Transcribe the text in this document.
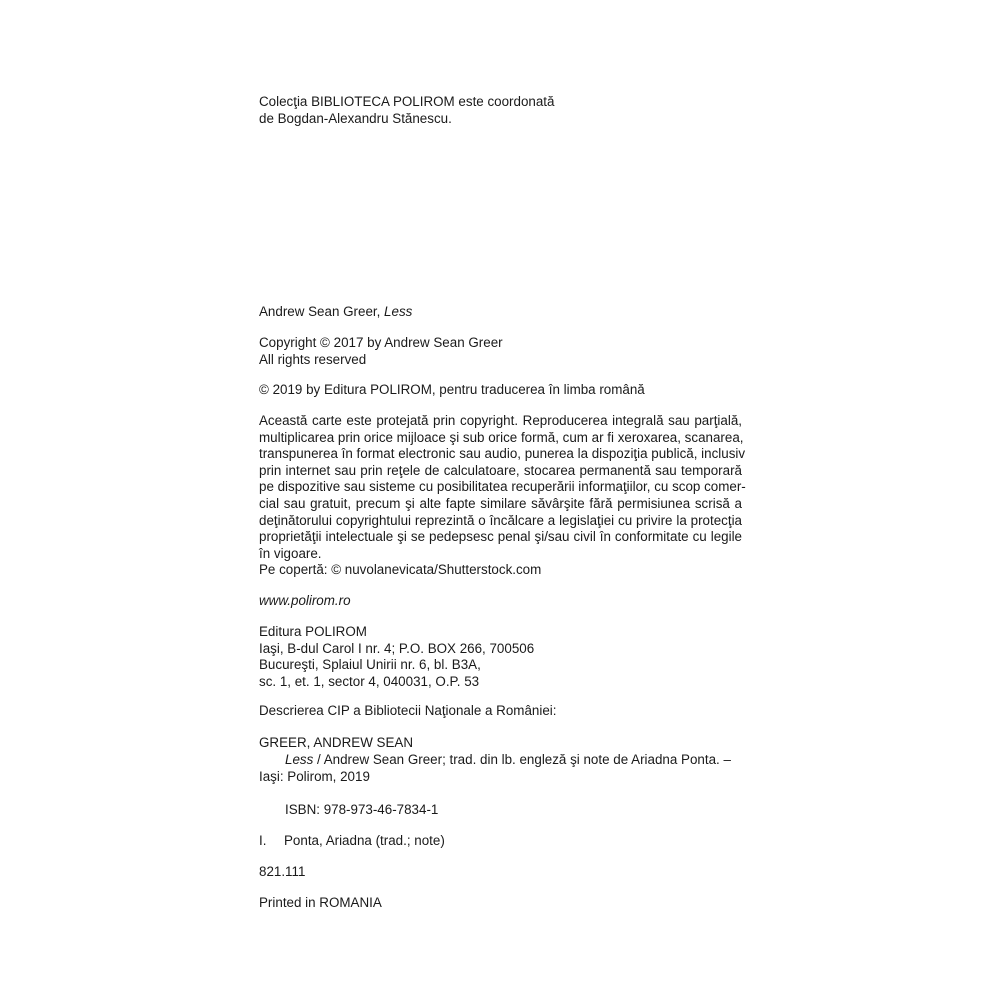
Colecţia BIBLIOTECA POLIROM este coordonată
de Bogdan-Alexandru Stănescu.
Andrew Sean Greer, Less
Copyright © 2017 by Andrew Sean Greer
All rights reserved
© 2019 by Editura POLIROM, pentru traducerea în limba română
Această carte este protejată prin copyright. Reproducerea integrală sau parţială,
multiplicarea prin orice mijloace şi sub orice formă, cum ar fi xeroxarea, scanarea,
transpunerea în format electronic sau audio, punerea la dispoziţia publică, inclusiv
prin internet sau prin reţele de calculatoare, stocarea permanentă sau temporară
pe dispozitive sau sisteme cu posibilitatea recuperării informaţiilor, cu scop comer-
cial sau gratuit, precum şi alte fapte similare săvârşite fără permisiunea scrisă a
deţinătorului copyrightului reprezintă o încălcare a legislaţiei cu privire la protecţia
proprietăţii intelectuale şi se pedepsesc penal şi/sau civil în conformitate cu legile
în vigoare.
Pe copertă: © nuvolanevicata/Shutterstock.com
www.polirom.ro
Editura POLIROM
Iaşi, B-dul Carol I nr. 4; P.O. BOX 266, 700506
Bucureşti, Splaiul Unirii nr. 6, bl. B3A,
sc. 1, et. 1, sector 4, 040031, O.P. 53
Descrierea CIP a Bibliotecii Naţionale a României:
GREER, ANDREW SEAN
Less / Andrew Sean Greer; trad. din lb. engleză şi note de Ariadna Ponta. –
Iaşi: Polirom, 2019
ISBN: 978-973-46-7834-1
I. Ponta, Ariadna (trad.; note)
821.111
Printed in ROMANIA
